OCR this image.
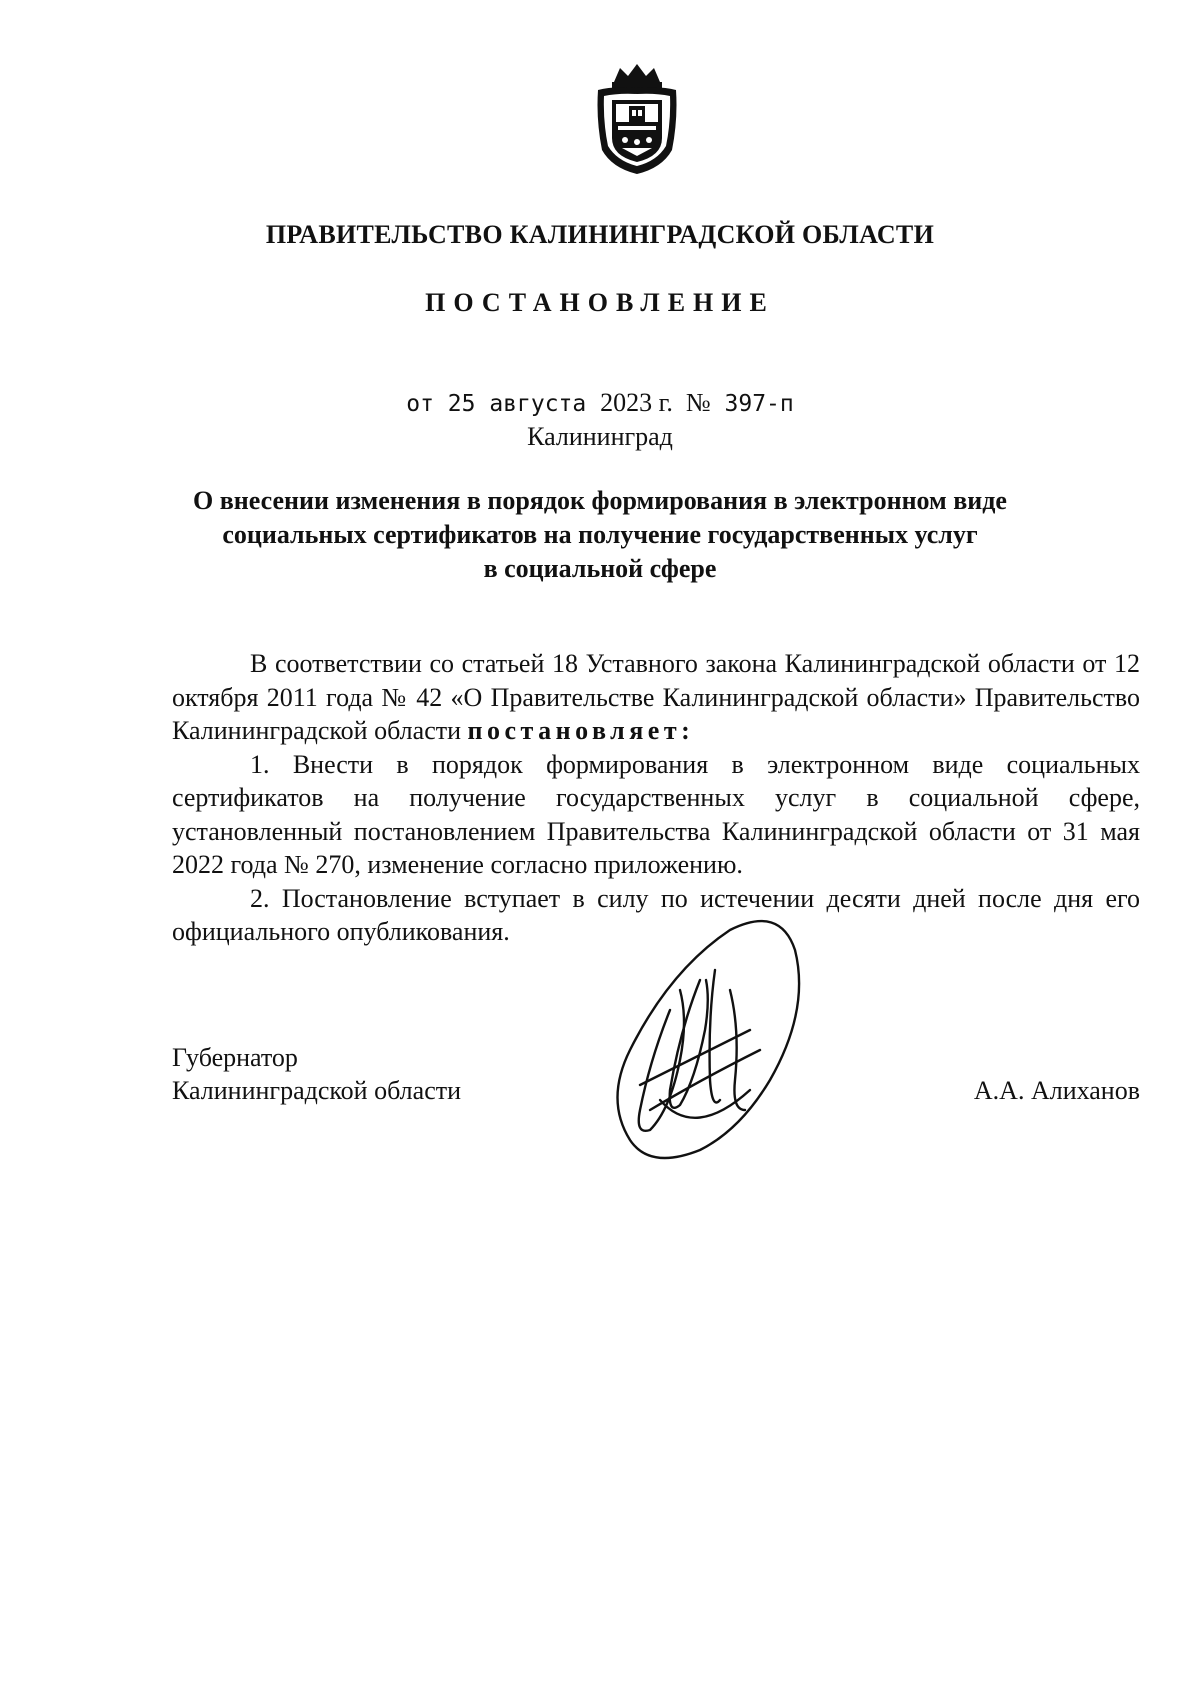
ПРАВИТЕЛЬСТВО КАЛИНИНГРАДСКОЙ ОБЛАСТИ
ПОСТАНОВЛЕНИЕ
от 25 августа 2023 г. № 397-п
Калининград
О внесении изменения в порядок формирования в электронном виде
социальных сертификатов на получение государственных услуг
в социальной сфере

В соответствии со статьей 18 Уставного закона Калининградской области от 12 октября 2011 года № 42 «О Правительстве Калининградской области» Правительство Калининградской области постановляет:

1. Внести в порядок формирования в электронном виде социальных сертификатов на получение государственных услуг в социальной сфере, установленный постановлением Правительства Калининградской области от 31 мая 2022 года № 270, изменение согласно приложению.

2. Постановление вступает в силу по истечении десяти дней после дня его официального опубликования.

Губернатор
Калининградской области	А.А. Алиханов
